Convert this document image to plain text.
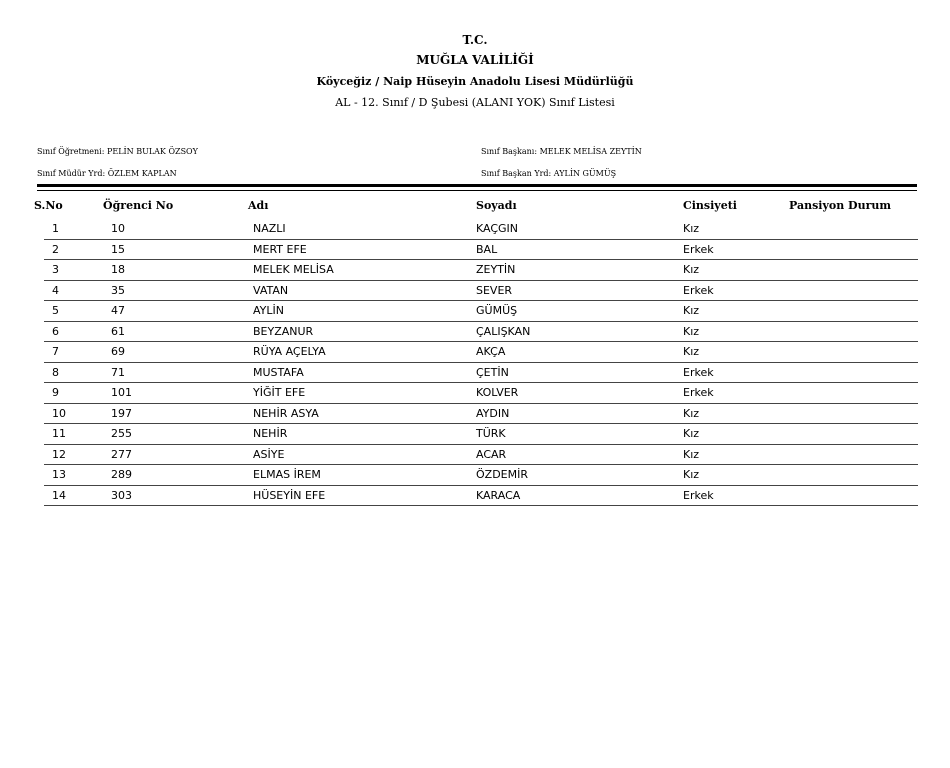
T.C.
MUĞLA VALİLİĞİ
Köyceğiz / Naip Hüseyin Anadolu Lisesi Müdürlüğü
AL - 12. Sınıf / D Şubesi (ALANI YOK) Sınıf Listesi
Sınıf Öğretmeni: PELİN BULAK ÖZSOY
Sınıf Müdür Yrd: ÖZLEM KAPLAN
Sınıf Başkanı: MELEK MELİSA ZEYTİN
Sınıf Başkan Yrd: AYLİN GÜMÜŞ
S.No	Öğrenci No	Adı	Soyadı	Cinsiyeti	Pansiyon Durum
1	10	NAZLI	KAÇGIN	Kız
2	15	MERT EFE	BAL	Erkek
3	18	MELEK MELİSA	ZEYTİN	Kız
4	35	VATAN	SEVER	Erkek
5	47	AYLİN	GÜMÜŞ	Kız
6	61	BEYZANUR	ÇALIŞKAN	Kız
7	69	RÜYA AÇELYA	AKÇA	Kız
8	71	MUSTAFA	ÇETİN	Erkek
9	101	YİĞİT EFE	KOLVER	Erkek
10	197	NEHİR ASYA	AYDIN	Kız
11	255	NEHİR	TÜRK	Kız
12	277	ASİYE	ACAR	Kız
13	289	ELMAS İREM	ÖZDEMİR	Kız
14	303	HÜSEYİN EFE	KARACA	Erkek
